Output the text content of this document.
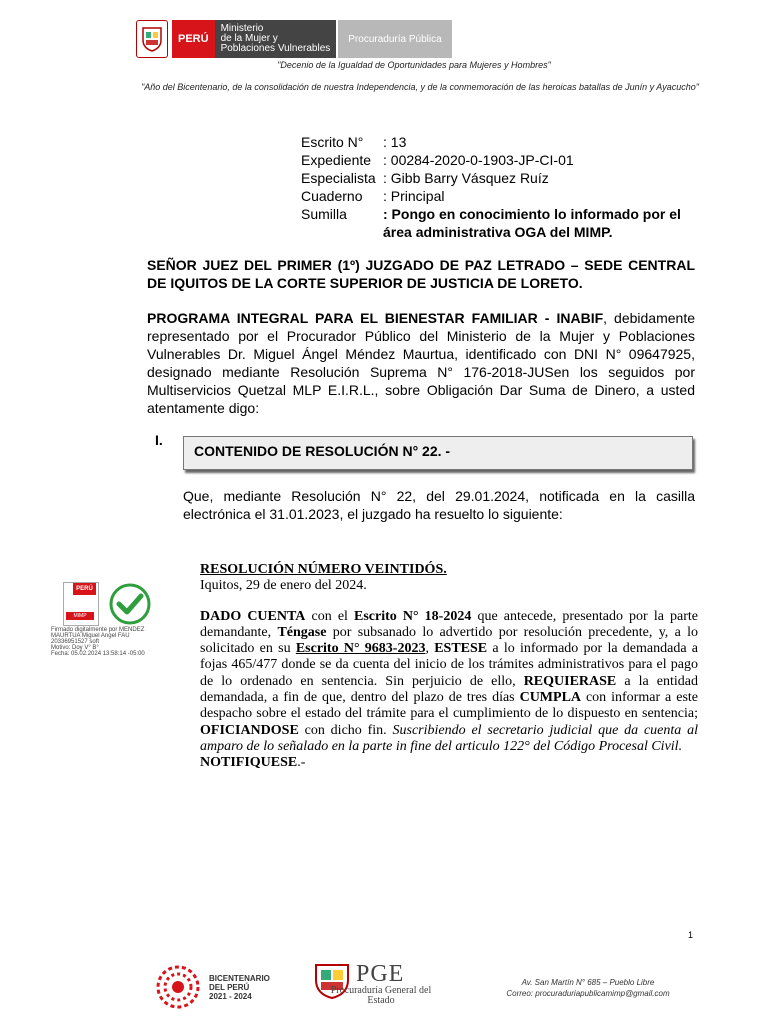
PERÚ
Ministerio
de la Mujer y
Poblaciones Vulnerables
Procuraduría Pública
"Decenio de la Igualdad de Oportunidades para Mujeres y Hombres"
"Año del Bicentenario, de la consolidación de nuestra Independencia, y de la conmemoración de las heroicas batallas de Junín y Ayacucho"
Escrito N°	: 13
Expediente : 00284-2020-0-1903-JP-CI-01
Especialista : Gibb Barry Vásquez Ruíz
Cuaderno	: Principal
Sumilla	: Pongo en conocimiento lo informado por el área administrativa OGA del MIMP.
SEÑOR JUEZ DEL PRIMER (1º) JUZGADO DE PAZ LETRADO – SEDE CENTRAL DE IQUITOS DE LA CORTE SUPERIOR DE JUSTICIA DE LORETO.
PROGRAMA INTEGRAL PARA EL BIENESTAR FAMILIAR - INABIF, debidamente representado por el Procurador Público del Ministerio de la Mujer y Poblaciones Vulnerables Dr. Miguel Ángel Méndez Maurtua, identificado con DNI N° 09647925, designado mediante Resolución Suprema N° 176-2018-JUSen los seguidos por Multiservicios Quetzal MLP E.I.R.L., sobre Obligación Dar Suma de Dinero, a usted atentamente digo:
I.
CONTENIDO DE RESOLUCIÓN N° 22. -
Que, mediante Resolución N° 22, del 29.01.2024, notificada en la casilla electrónica el 31.01.2023, el juzgado ha resuelto lo siguiente:
RESOLUCIÓN NÚMERO VEINTIDÓS.
Iquitos, 29 de enero del 2024.
DADO CUENTA con el Escrito N° 18-2024 que antecede, presentado por la parte demandante, Téngase por subsanado lo advertido por resolución precedente, y, a lo solicitado en su Escrito N° 9683-2023, ESTESE a lo informado por la demandada a fojas 465/477 donde se da cuenta del inicio de los trámites administrativos para el pago de lo ordenado en sentencia. Sin perjuicio de ello, REQUIERASE a la entidad demandada, a fin de que, dentro del plazo de tres días CUMPLA con informar a este despacho sobre el estado del trámite para el cumplimiento de lo dispuesto en sentencia; OFICIANDOSE con dicho fin. Suscribiendo el secretario judicial que da cuenta al amparo de lo señalado en la parte in fine del articulo 122° del Código Procesal Civil.
NOTIFIQUESE.-
PERÚ
MIMP
Firmado digitalmente por MENDEZ
MAURTUA Miguel Angel FAU
20336951527 soft
Motivo: Doy V° B°
Fecha: 05.02.2024 13:58:14 -05:00
1
BICENTENARIO
DEL PERÚ
2021 - 2024
PGE
Procuraduría General del Estado
Av. San Martín N° 685 – Pueblo Libre
Correo: procuraduriapublicamimp@gmail.com
